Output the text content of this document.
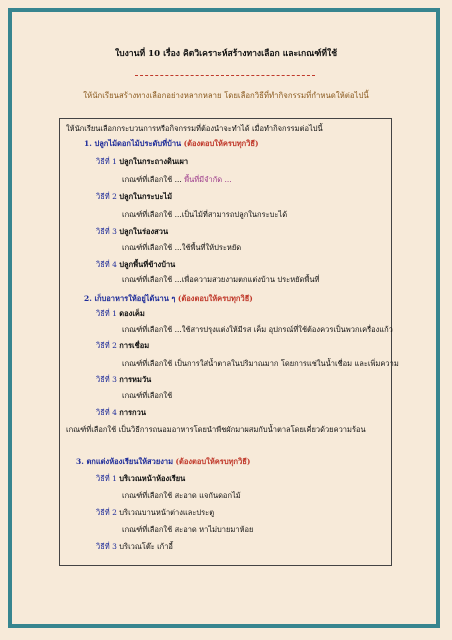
ใบงานที่ 10 เรื่อง คิดวิเคราะห์สร้างทางเลือก และเกณฑ์ที่ใช้
ให้นักเรียนสร้างทางเลือกอย่างหลากหลาย โดยเลือกวิธีที่ทำกิจกรรมที่กำหนดให้ต่อไปนี้
ให้นักเรียนเลือกกระบวนการหรือกิจกรรมที่ต้องนำจะทำได้ เมื่อทำกิจกรรมต่อไปนี้
1. ปลูกไม้ดอกไม้ประดับที่บ้าน (ต้องตอบให้ครบทุกวิธี)
วิธีที่ 1 ปลูกในกระถางดินเผา
เกณฑ์ที่เลือกใช้ ... พื้นที่มีจำกัด ...
วิธีที่ 2 ปลูกในกระบะไม้
เกณฑ์ที่เลือกใช้ ...เป็นไม้ที่สามารถปลูกในกระบะได้
วิธีที่ 3 ปลูกในร่องสวน
เกณฑ์ที่เลือกใช้ ...ใช้พื้นที่ให้ประหยัด
วิธีที่ 4 ปลูกพื้นที่ข้างบ้าน
เกณฑ์ที่เลือกใช้ ...เพื่อความสวยงามตกแต่งบ้าน ประหยัดพื้นที่
2. เก็บอาหารให้อยู่ได้นาน ๆ (ต้องตอบให้ครบทุกวิธี)
วิธีที่ 1 ดองเค็ม
เกณฑ์ที่เลือกใช้ ...ใช้สารปรุงแต่งให้มีรส เค็ม อุปกรณ์ที่ใช้ต้องควรเป็นพวกเครื่องแก้ว
วิธีที่ 2 การเชื่อม
เกณฑ์ที่เลือกใช้ เป็นการใส่น้ำตาลในปริมาณมาก โดยการแช่ในน้ำเชื่อม และเพิ่มความ
วิธีที่ 3 การหมวัน
เกณฑ์ที่เลือกใช้
วิธีที่ 4 การกวน
เกณฑ์ที่เลือกใช้ เป็นวิธีการถนอมอาหารโดยนำพืชผักมาผสมกับน้ำตาลโดยเคี่ยวด้วยความร้อน
3. ตกแต่งห้องเรียนให้สวยงาม (ต้องตอบให้ครบทุกวิธี)
วิธีที่ 1 บริเวณหน้าห้องเรียน
เกณฑ์ที่เลือกใช้ สะอาด แจกันดอกไม้
วิธีที่ 2 บริเวณบานหน้าต่างและประตู
เกณฑ์ที่เลือกใช้ สะอาด หาไม่บายมาห้อย
วิธีที่ 3 บริเวณโต๊ะ เก้าอี้
